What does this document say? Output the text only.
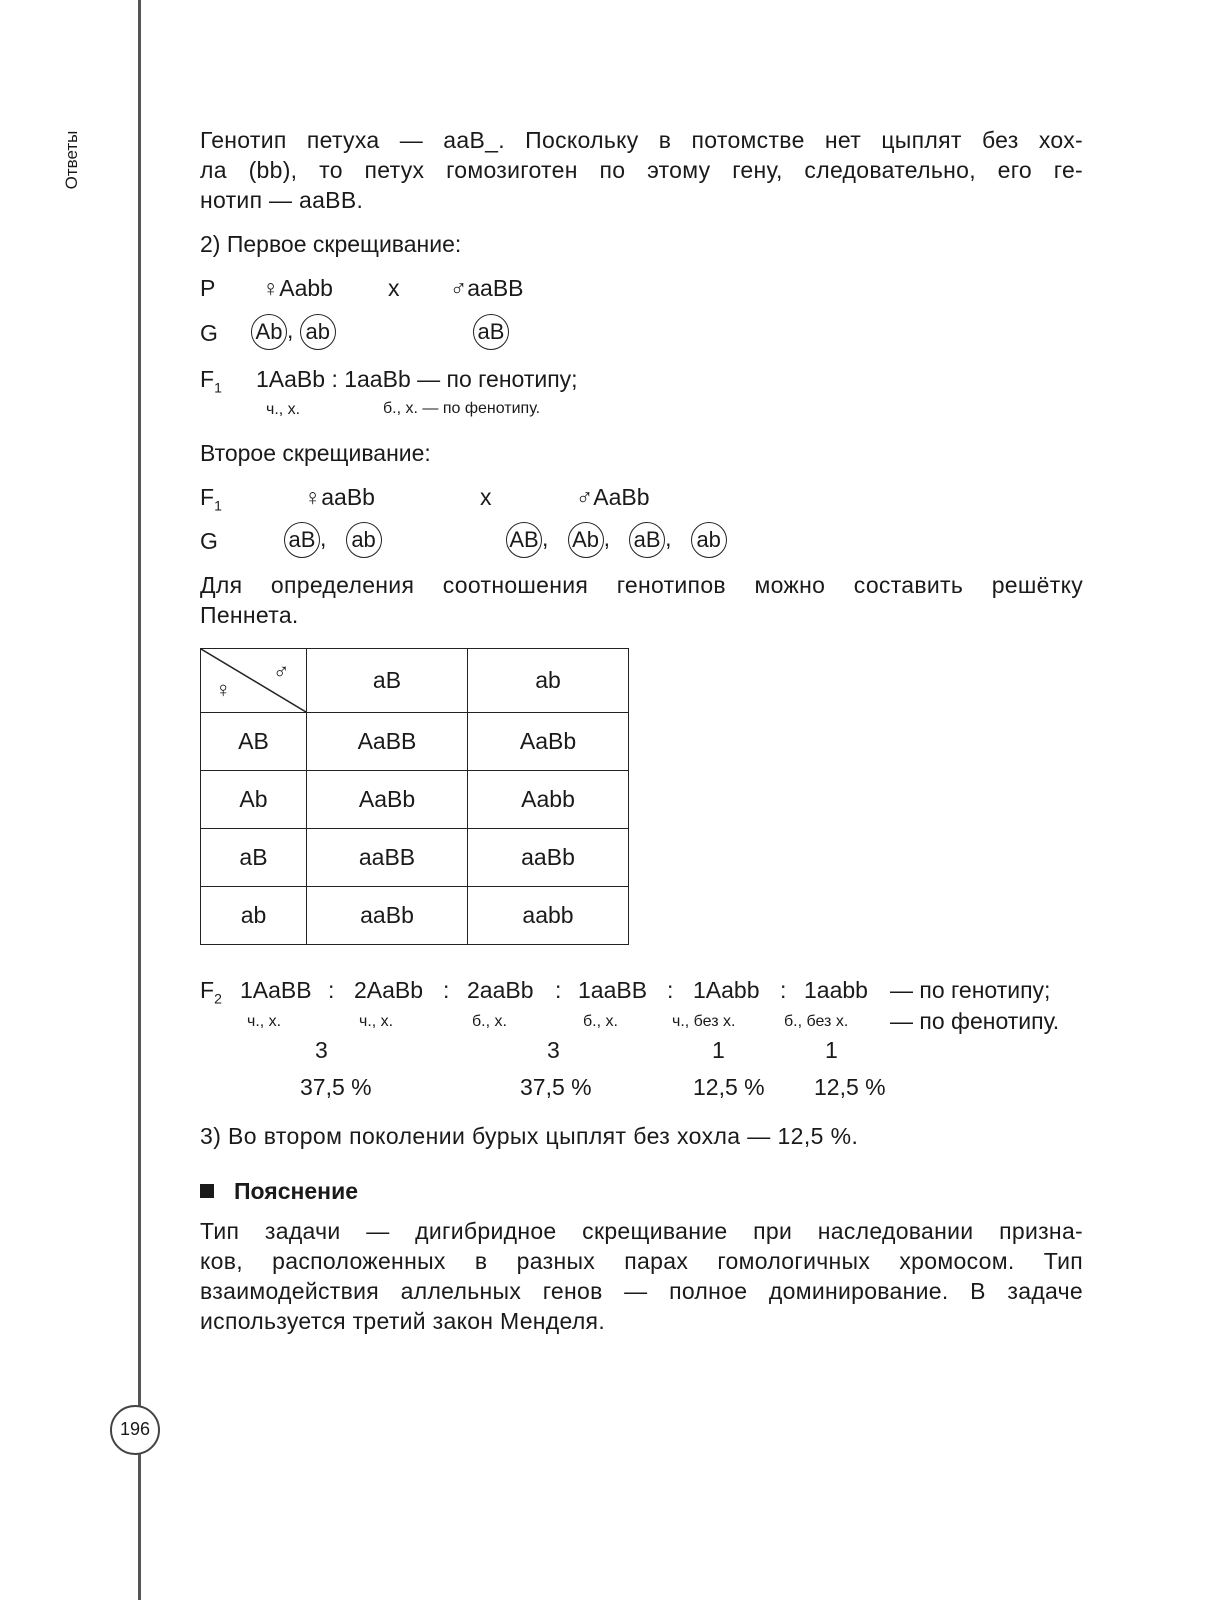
Ответы
196
Генотип петуха — aaB_. Поскольку в потомстве нет цыплят без хох-
ла (bb), то петух гомозиготен по этому гену, следовательно, его ге-
нотип — aaBB.
2) Первое скрещивание:
P ♀Aabb x ♂aaBB
G Ab , ab	aB
$F_1$ 1AaBb : 1aaBb — по генотипу;
ч., х.	б., х. — по фенотипу.
Второе скрещивание:
$F_1$	♀aaBb	x	♂AaBb
G	aB ,   ab	AB ,   Ab ,   aB ,   ab
Для определения соотношения генотипов можно составить решётку
Пеннета.
♀
♂	aB	ab
AB	AaBB	AaBb
Ab	AaBb	Aabb
aB	aaBB	aaBb
ab	aaBb	aabb
$F_2$ 1AaBB : 2AaBb : 2aaBb : 1aaBB : 1Aabb : 1aabb — по генотипу;
ч., х.	ч., х.	б., х.	б., х.	ч., без х.	б., без х. — по фенотипу.
3	3	1	1
37,5 %	37,5 %	12,5 % 12,5 %
3) Во втором поколении бурых цыплят без хохла — 12,5 %.
Пояснение
Тип задачи — дигибридное скрещивание при наследовании призна-
ков, расположенных в разных парах гомологичных хромосом. Тип
взаимодействия аллельных генов — полное доминирование. В задаче
используется третий закон Менделя.
